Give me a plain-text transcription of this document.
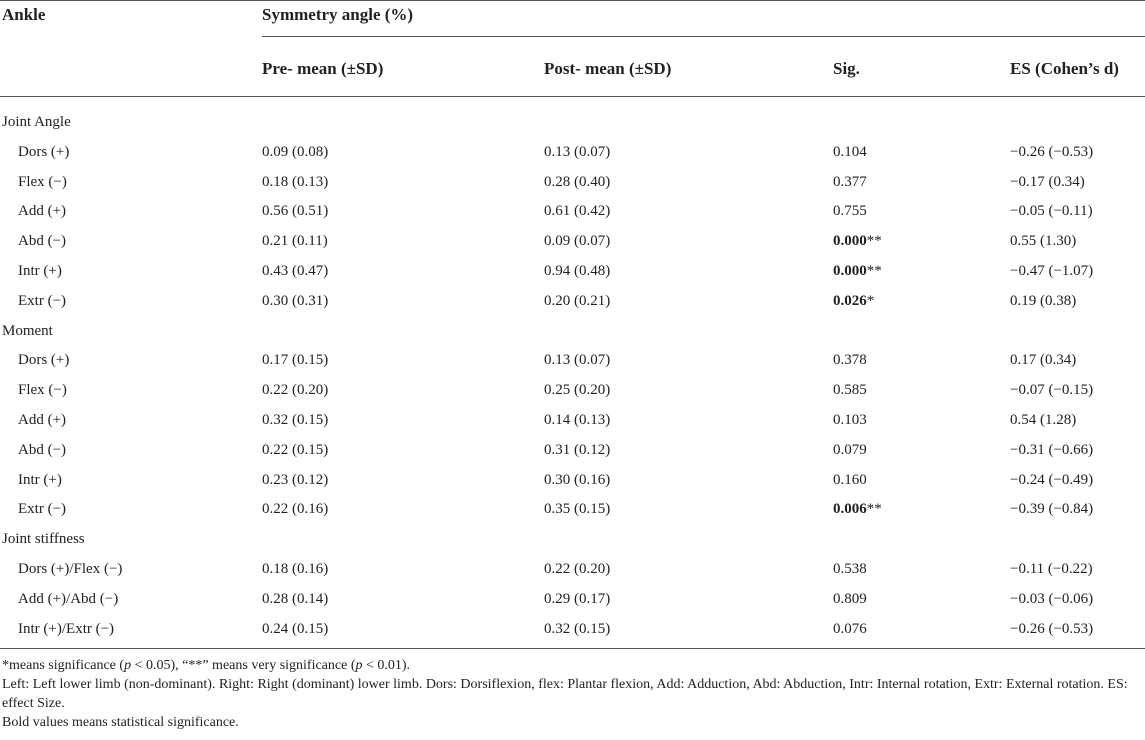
Ankle	Symmetry angle (%)
Pre- mean (±SD)	Post- mean (±SD)	Sig.	ES (Cohen’s d)
Joint Angle
Dors (+)	0.09 (0.08)	0.13 (0.07)	0.104	−0.26 (−0.53)
Flex (−)	0.18 (0.13)	0.28 (0.40)	0.377	−0.17 (0.34)
Add (+)	0.56 (0.51)	0.61 (0.42)	0.755	−0.05 (−0.11)
Abd (−)	0.21 (0.11)	0.09 (0.07)	0.000**	0.55 (1.30)
Intr (+)	0.43 (0.47)	0.94 (0.48)	0.000**	−0.47 (−1.07)
Extr (−)	0.30 (0.31)	0.20 (0.21)	0.026*	0.19 (0.38)
Moment
Dors (+)	0.17 (0.15)	0.13 (0.07)	0.378	0.17 (0.34)
Flex (−)	0.22 (0.20)	0.25 (0.20)	0.585	−0.07 (−0.15)
Add (+)	0.32 (0.15)	0.14 (0.13)	0.103	0.54 (1.28)
Abd (−)	0.22 (0.15)	0.31 (0.12)	0.079	−0.31 (−0.66)
Intr (+)	0.23 (0.12)	0.30 (0.16)	0.160	−0.24 (−0.49)
Extr (−)	0.22 (0.16)	0.35 (0.15)	0.006**	−0.39 (−0.84)
Joint stiffness
Dors (+)/Flex (−)	0.18 (0.16)	0.22 (0.20)	0.538	−0.11 (−0.22)
Add (+)/Abd (−)	0.28 (0.14)	0.29 (0.17)	0.809	−0.03 (−0.06)
Intr (+)/Extr (−)	0.24 (0.15)	0.32 (0.15)	0.076	−0.26 (−0.53)
*means significance (p < 0.05), “**” means very significance (p < 0.01).
Left: Left lower limb (non-dominant). Right: Right (dominant) lower limb. Dors: Dorsiflexion, flex: Plantar flexion, Add: Adduction, Abd: Abduction, Intr: Internal rotation, Extr: External rotation. ES: effect Size.
Bold values means statistical significance.
